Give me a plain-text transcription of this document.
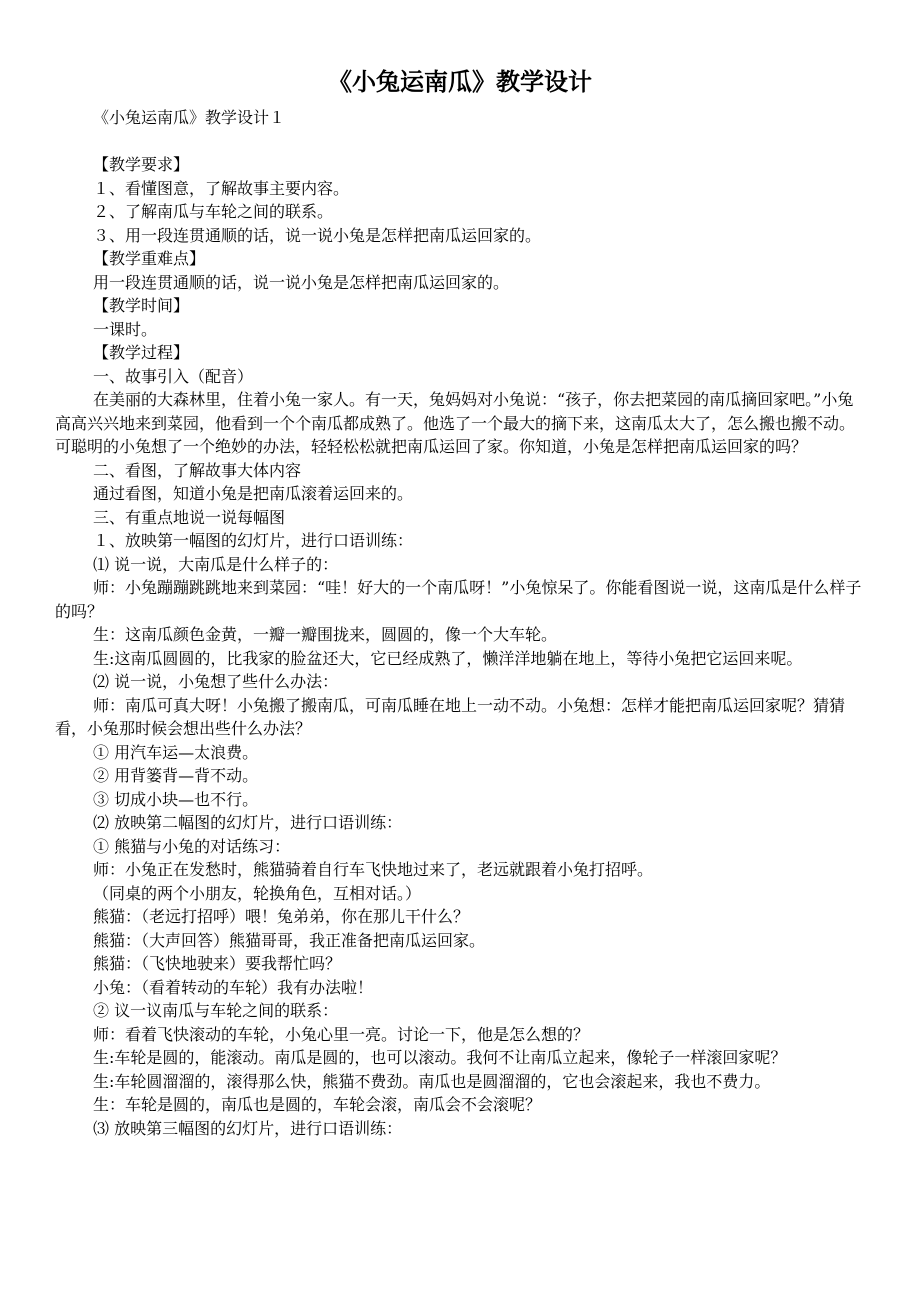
《小兔运南瓜》教学设计

《小兔运南瓜》教学设计１

【教学要求】

１、看懂图意，了解故事主要内容。

２、了解南瓜与车轮之间的联系。

３、用一段连贯通顺的话，说一说小兔是怎样把南瓜运回家的。

【教学重难点】

用一段连贯通顺的话，说一说小兔是怎样把南瓜运回家的。

【教学时间】

一课时。

【教学过程】

一、故事引入（配音）

在美丽的大森林里，住着小兔一家人。有一天，兔妈妈对小兔说：“孩子，你去把菜园的南瓜摘回家吧。”小兔高高兴兴地来到菜园，他看到一个个南瓜都成熟了。他选了一个最大的摘下来，这南瓜太大了，怎么搬也搬不动。可聪明的小兔想了一个绝妙的办法，轻轻松松就把南瓜运回了家。你知道，小兔是怎样把南瓜运回家的吗？

二、看图，了解故事大体内容

通过看图，知道小兔是把南瓜滚着运回来的。

三、有重点地说一说每幅图

１、放映第一幅图的幻灯片，进行口语训练：

⑴ 说一说，大南瓜是什么样子的：

师：小兔蹦蹦跳跳地来到菜园：“哇！好大的一个南瓜呀！”小兔惊呆了。你能看图说一说，这南瓜是什么样子的吗？

生：这南瓜颜色金黄，一瓣一瓣围拢来，圆圆的，像一个大车轮。

生:这南瓜圆圆的，比我家的脸盆还大，它已经成熟了，懒洋洋地躺在地上，等待小兔把它运回来呢。

⑵ 说一说，小兔想了些什么办法：

师：南瓜可真大呀！小兔搬了搬南瓜，可南瓜睡在地上一动不动。小兔想：怎样才能把南瓜运回家呢？猜猜看，小兔那时候会想出些什么办法？

① 用汽车运—太浪费。

② 用背篓背—背不动。

③ 切成小块—也不行。

⑵ 放映第二幅图的幻灯片，进行口语训练：

① 熊猫与小兔的对话练习：

师：小兔正在发愁时，熊猫骑着自行车飞快地过来了，老远就跟着小兔打招呼。

（同桌的两个小朋友，轮换角色，互相对话。）

熊猫：（老远打招呼）喂！兔弟弟，你在那儿干什么？

熊猫：（大声回答）熊猫哥哥，我正准备把南瓜运回家。

熊猫：（飞快地驶来）要我帮忙吗？

小兔：（看着转动的车轮）我有办法啦！

② 议一议南瓜与车轮之间的联系：

师：看着飞快滚动的车轮，小兔心里一亮。讨论一下，他是怎么想的？

生:车轮是圆的，能滚动。南瓜是圆的，也可以滚动。我何不让南瓜立起来，像轮子一样滚回家呢？

生:车轮圆溜溜的，滚得那么快，熊猫不费劲。南瓜也是圆溜溜的，它也会滚起来，我也不费力。

生：车轮是圆的，南瓜也是圆的，车轮会滚，南瓜会不会滚呢？

⑶ 放映第三幅图的幻灯片，进行口语训练：
